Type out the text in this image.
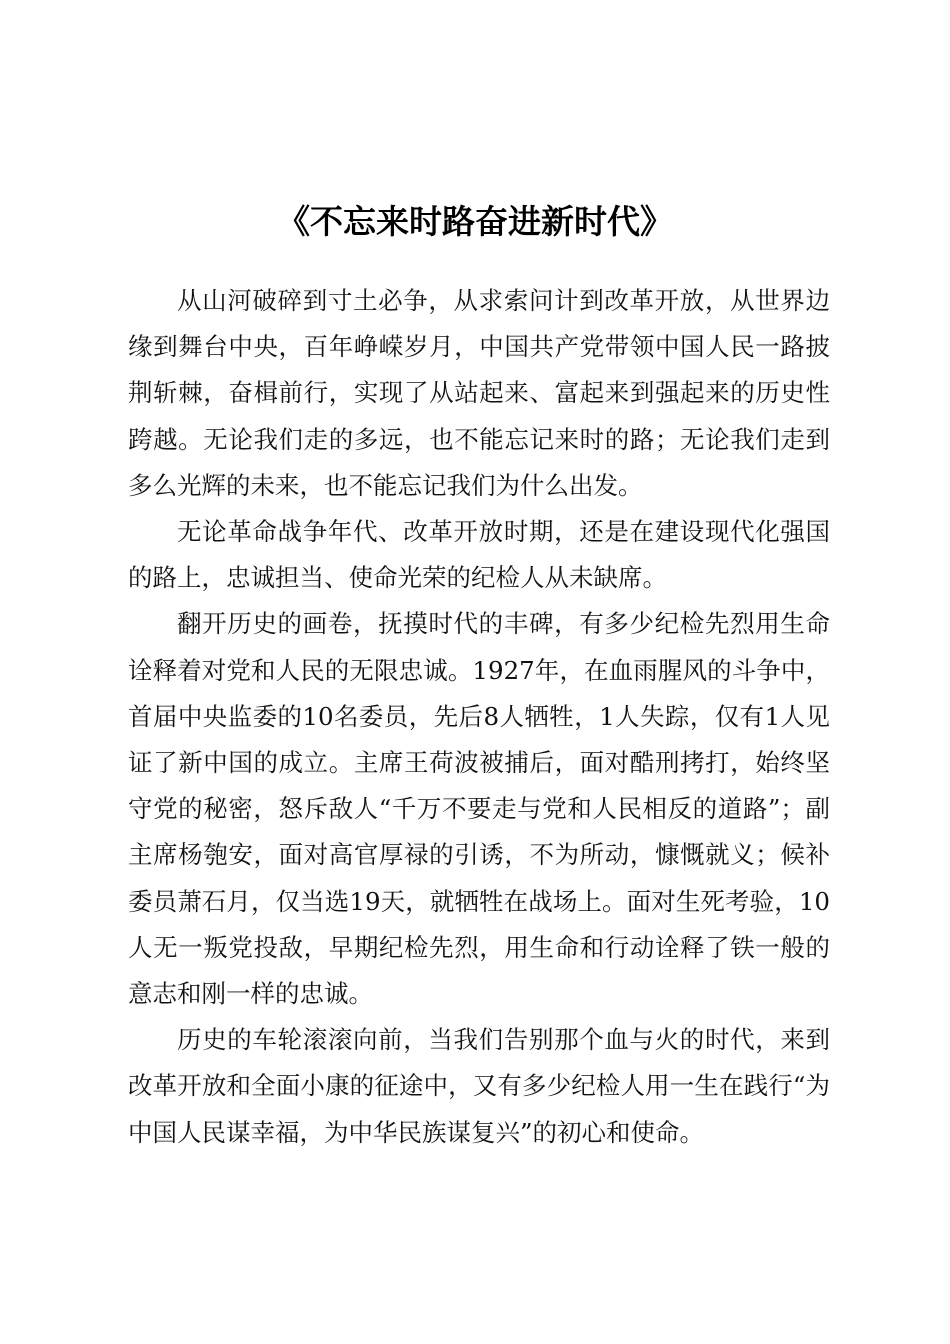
《不忘来时路奋进新时代》

从山河破碎到寸土必争，从求索问计到改革开放，从世界边缘到舞台中央，百年峥嵘岁月，中国共产党带领中国人民一路披荆斩棘，奋楫前行，实现了从站起来、富起来到强起来的历史性跨越。无论我们走的多远，也不能忘记来时的路；无论我们走到多么光辉的未来，也不能忘记我们为什么出发。

无论革命战争年代、改革开放时期，还是在建设现代化强国的路上，忠诚担当、使命光荣的纪检人从未缺席。

翻开历史的画卷，抚摸时代的丰碑，有多少纪检先烈用生命诠释着对党和人民的无限忠诚。1927年，在血雨腥风的斗争中，首届中央监委的10名委员，先后8人牺牲，1人失踪，仅有1人见证了新中国的成立。主席王荷波被捕后，面对酷刑拷打，始终坚守党的秘密，怒斥敌人“千万不要走与党和人民相反的道路”；副主席杨匏安，面对高官厚禄的引诱，不为所动，慷慨就义；候补委员萧石月，仅当选19天，就牺牲在战场上。面对生死考验，10人无一叛党投敌，早期纪检先烈，用生命和行动诠释了铁一般的意志和刚一样的忠诚。

历史的车轮滚滚向前，当我们告别那个血与火的时代，来到改革开放和全面小康的征途中，又有多少纪检人用一生在践行“为中国人民谋幸福，为中华民族谋复兴”的初心和使命。
